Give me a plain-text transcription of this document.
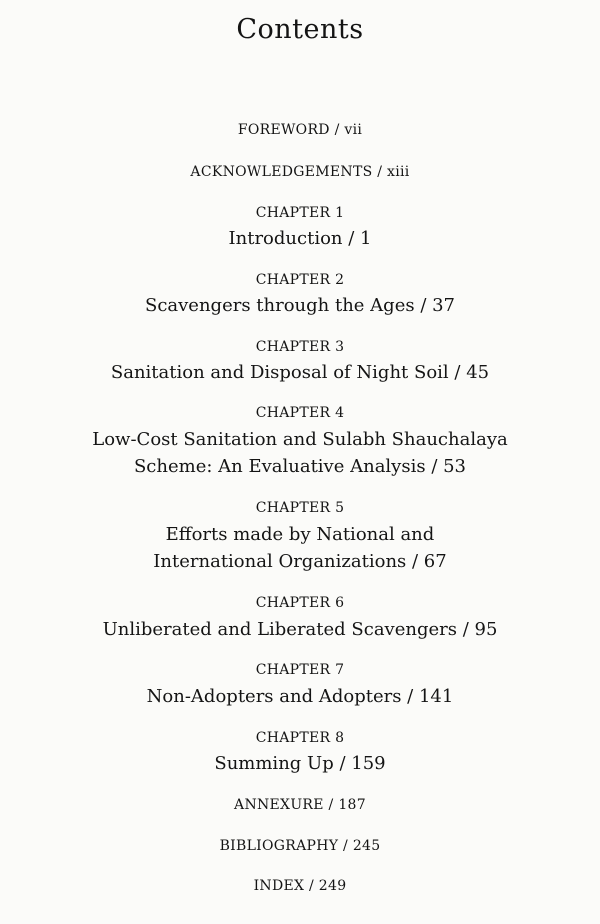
Contents
FOREWORD / vii
ACKNOWLEDGEMENTS / xiii
CHAPTER 1
Introduction / 1
CHAPTER 2
Scavengers through the Ages / 37
CHAPTER 3
Sanitation and Disposal of Night Soil / 45
CHAPTER 4
Low-Cost Sanitation and Sulabh Shauchalaya
Scheme: An Evaluative Analysis / 53
CHAPTER 5
Efforts made by National and
International Organizations / 67
CHAPTER 6
Unliberated and Liberated Scavengers / 95
CHAPTER 7
Non-Adopters and Adopters / 141
CHAPTER 8
Summing Up / 159
ANNEXURE / 187
BIBLIOGRAPHY / 245
INDEX / 249
